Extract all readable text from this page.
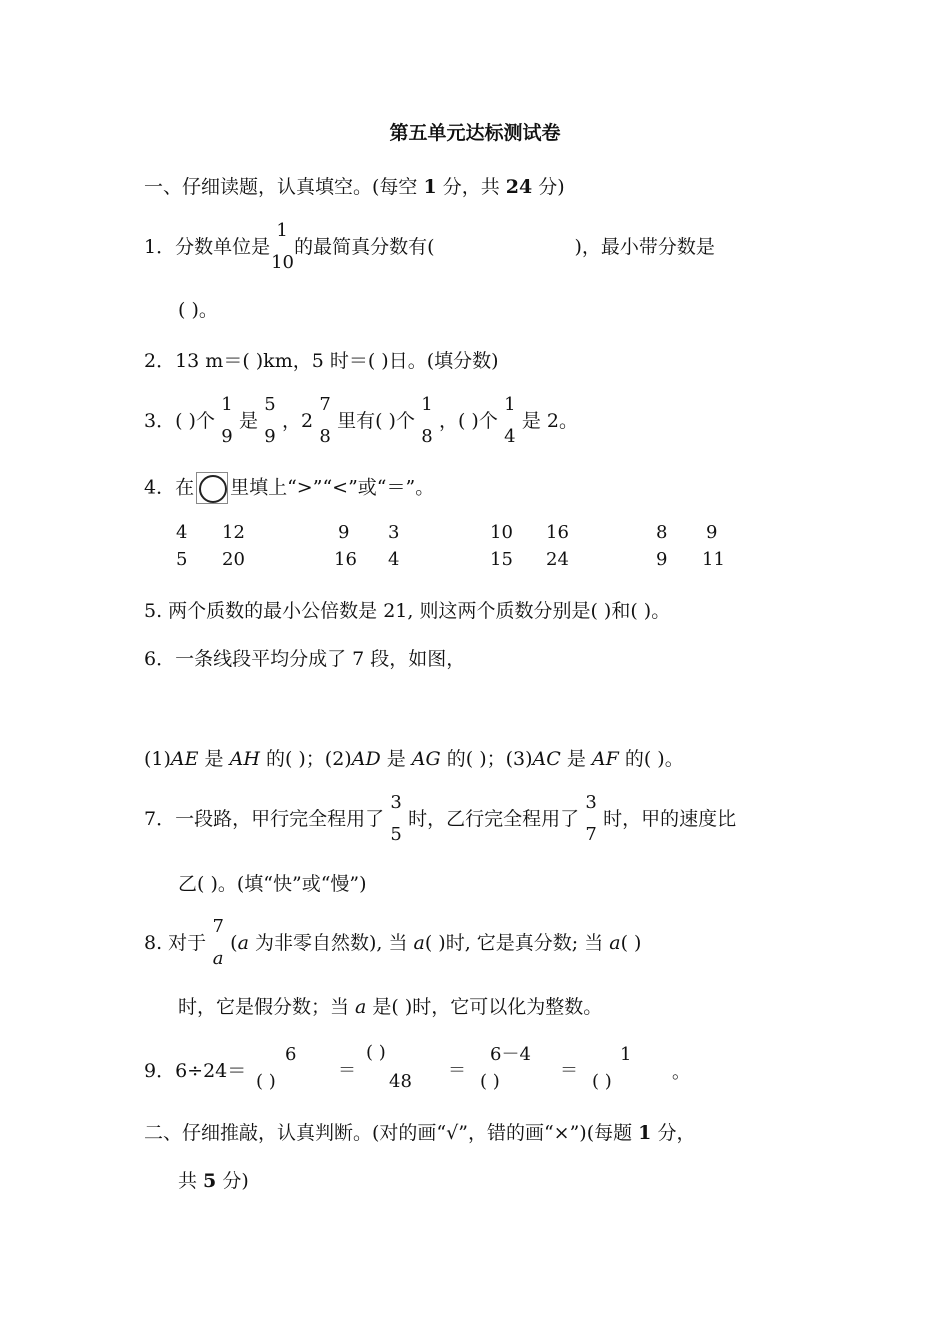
第五单元达标测试卷
一、仔细读题，认真填空。(每空 1 分，共 24 分)
1．分数单位是
1
10
的最简真分数有(	)，最小带分数是
( )。
2．13 m＝( )km，5 时＝( )日。(填分数)
3．( )个
1
9
是
5
9
，2
7
8
里有( )个
1
8
，( )个
1
4
是 2。
4．在 里填上“>”“<”或“＝”。
4
5
12
20
9
16
3
4
10
15
16
24
8
9
9
11
5. 两个质数的最小公倍数是 21, 则这两个质数分别是( )和( )。
6．一条线段平均分成了 7 段，如图，
(1)AE 是 AH 的( )；(2)AD 是 AG 的( )；(3)AC 是 AF 的( )。
7．一段路，甲行完全程用了
3
5
时，乙行完全程用了
3
7
时，甲的速度比
乙( )。(填“快”或“慢”)
8. 对于
7
a
(a 为非零自然数), 当 a( )时, 它是真分数; 当 a( )
时，它是假分数；当 a 是( )时，它可以化为整数。
9．6÷24＝
6
( )
＝
( )
48
＝
6－4
( )
＝
1
( )	。
二、仔细推敲，认真判断。(对的画“√”，错的画“×”)(每题 1 分，
共 5 分)
